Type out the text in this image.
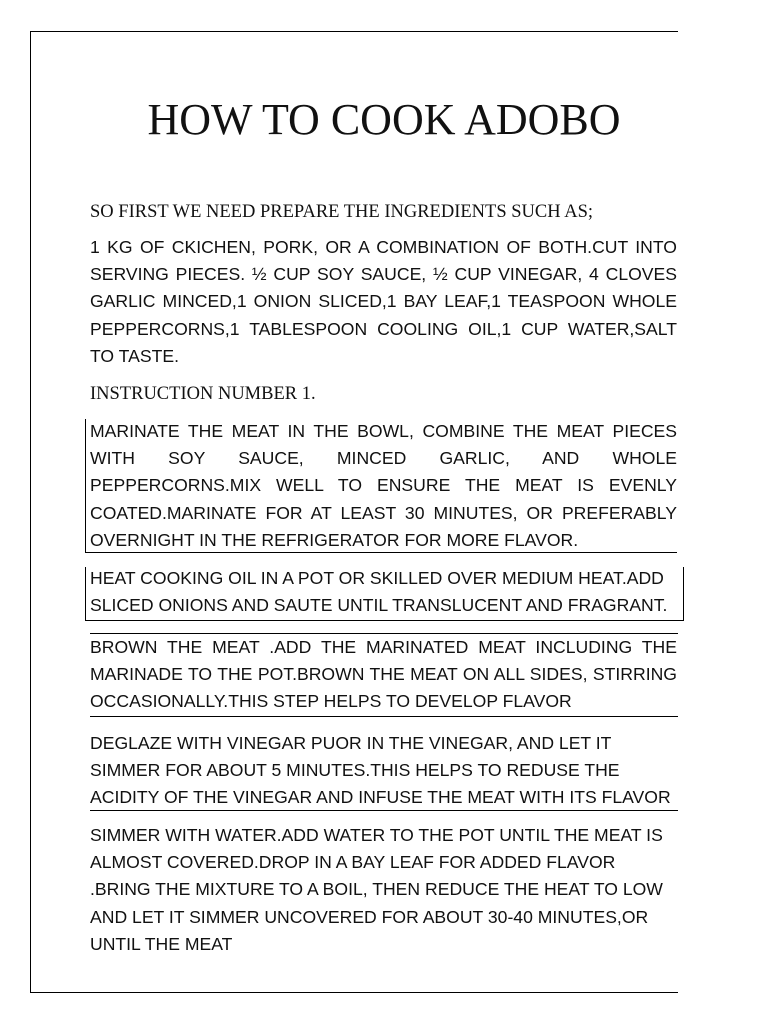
HOW TO COOK ADOBO
SO FIRST WE NEED PREPARE THE INGREDIENTS SUCH AS;
1 KG OF CKICHEN, PORK, OR A COMBINATION OF BOTH.CUT INTO SERVING PIECES. ½ CUP SOY SAUCE, ½ CUP VINEGAR, 4 CLOVES GARLIC MINCED,1 ONION SLICED,1 BAY LEAF,1 TEASPOON WHOLE PEPPERCORNS,1 TABLESPOON COOLING OIL,1 CUP WATER,SALT TO TASTE.
INSTRUCTION NUMBER 1.
MARINATE THE MEAT IN THE BOWL, COMBINE THE MEAT PIECES WITH SOY SAUCE, MINCED GARLIC, AND WHOLE PEPPERCORNS.MIX WELL TO ENSURE THE MEAT IS EVENLY COATED.MARINATE FOR AT LEAST 30 MINUTES, OR PREFERABLY OVERNIGHT IN THE REFRIGERATOR FOR MORE FLAVOR.
HEAT COOKING OIL IN A POT OR SKILLED OVER MEDIUM HEAT.ADD SLICED ONIONS AND SAUTE UNTIL TRANSLUCENT AND FRAGRANT.
BROWN THE MEAT .ADD THE MARINATED MEAT INCLUDING THE MARINADE TO THE POT.BROWN THE MEAT ON ALL SIDES, STIRRING OCCASIONALLY.THIS STEP HELPS TO DEVELOP FLAVOR
DEGLAZE WITH VINEGAR PUOR IN THE VINEGAR, AND LET IT SIMMER FOR ABOUT 5 MINUTES.THIS HELPS TO REDUSE THE ACIDITY OF THE VINEGAR AND INFUSE THE MEAT WITH ITS FLAVOR
SIMMER WITH WATER.ADD WATER TO THE POT UNTIL THE MEAT IS ALMOST COVERED.DROP IN A BAY LEAF FOR ADDED FLAVOR .BRING THE MIXTURE TO A BOIL, THEN REDUCE THE HEAT TO LOW AND LET IT SIMMER UNCOVERED FOR ABOUT 30-40 MINUTES,OR UNTIL THE MEAT
